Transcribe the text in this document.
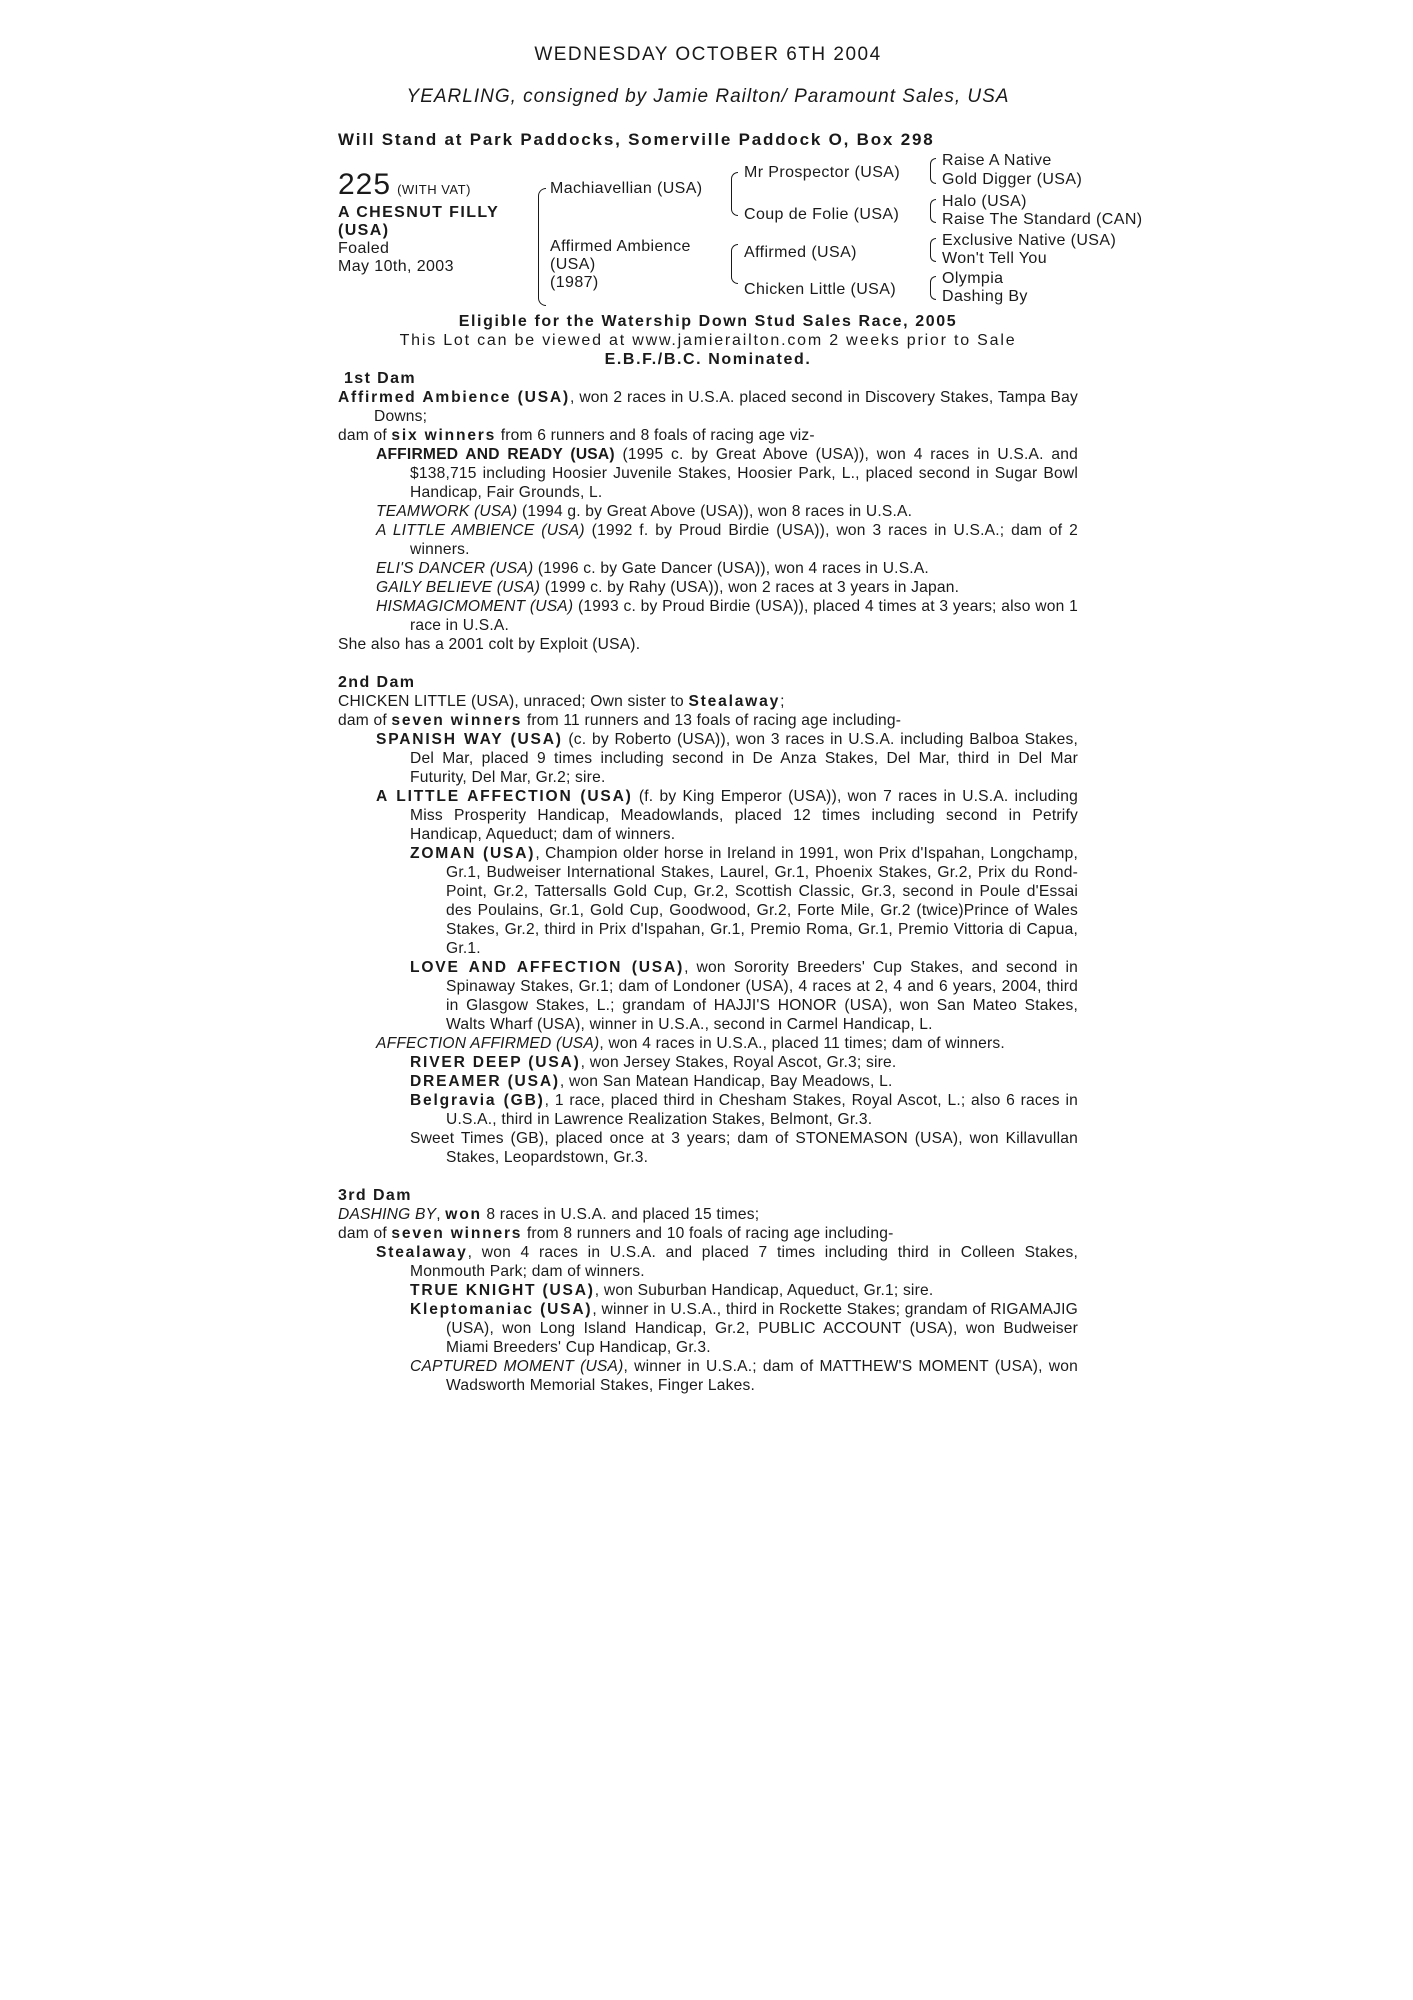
WEDNESDAY OCTOBER 6TH 2004
YEARLING, consigned by Jamie Railton/ Paramount Sales, USA
Will Stand at Park Paddocks, Somerville Paddock O, Box 298
225 (WITH VAT)
A CHESNUT FILLY
(USA)
Foaled
May 10th, 2003
Machiavellian (USA)
Affirmed Ambience
(USA)
(1987)
Mr Prospector (USA)
Coup de Folie (USA)
Affirmed (USA)
Chicken Little (USA)
Raise A Native
Gold Digger (USA)
Halo (USA)
Raise The Standard (CAN)
Exclusive Native (USA)
Won't Tell You
Olympia
Dashing By
Eligible for the Watership Down Stud Sales Race, 2005
This Lot can be viewed at www.jamierailton.com 2 weeks prior to Sale
E.B.F./B.C. Nominated.

1st Dam

Affirmed Ambience (USA), won 2 races in U.S.A. placed second in Discovery Stakes, Tampa Bay Downs;

dam of six winners from 6 runners and 8 foals of racing age viz-

AFFIRMED AND READY (USA) (1995 c. by Great Above (USA)), won 4 races in U.S.A. and $138,715 including Hoosier Juvenile Stakes, Hoosier Park, L., placed second in Sugar Bowl Handicap, Fair Grounds, L.

TEAMWORK (USA) (1994 g. by Great Above (USA)), won 8 races in U.S.A.

A LITTLE AMBIENCE (USA) (1992 f. by Proud Birdie (USA)), won 3 races in U.S.A.; dam of 2 winners.

ELI'S DANCER (USA) (1996 c. by Gate Dancer (USA)), won 4 races in U.S.A.

GAILY BELIEVE (USA) (1999 c. by Rahy (USA)), won 2 races at 3 years in Japan.

HISMAGICMOMENT (USA) (1993 c. by Proud Birdie (USA)), placed 4 times at 3 years; also won 1 race in U.S.A.

She also has a 2001 colt by Exploit (USA).

2nd Dam

CHICKEN LITTLE (USA), unraced; Own sister to Stealaway;

dam of seven winners from 11 runners and 13 foals of racing age including-

SPANISH WAY (USA) (c. by Roberto (USA)), won 3 races in U.S.A. including Balboa Stakes, Del Mar, placed 9 times including second in De Anza Stakes, Del Mar, third in Del Mar Futurity, Del Mar, Gr.2; sire.

A LITTLE AFFECTION (USA) (f. by King Emperor (USA)), won 7 races in U.S.A. including Miss Prosperity Handicap, Meadowlands, placed 12 times including second in Petrify Handicap, Aqueduct; dam of winners.

ZOMAN (USA), Champion older horse in Ireland in 1991, won Prix d'Ispahan, Longchamp, Gr.1, Budweiser International Stakes, Laurel, Gr.1, Phoenix Stakes, Gr.2, Prix du Rond-Point, Gr.2, Tattersalls Gold Cup, Gr.2, Scottish Classic, Gr.3, second in Poule d'Essai des Poulains, Gr.1, Gold Cup, Goodwood, Gr.2, Forte Mile, Gr.2 (twice)Prince of Wales Stakes, Gr.2, third in Prix d'Ispahan, Gr.1, Premio Roma, Gr.1, Premio Vittoria di Capua, Gr.1.

LOVE AND AFFECTION (USA), won Sorority Breeders' Cup Stakes, and second in Spinaway Stakes, Gr.1; dam of Londoner (USA), 4 races at 2, 4 and 6 years, 2004, third in Glasgow Stakes, L.; grandam of HAJJI'S HONOR (USA), won San Mateo Stakes, Walts Wharf (USA), winner in U.S.A., second in Carmel Handicap, L.

AFFECTION AFFIRMED (USA), won 4 races in U.S.A., placed 11 times; dam of winners.

RIVER DEEP (USA), won Jersey Stakes, Royal Ascot, Gr.3; sire.

DREAMER (USA), won San Matean Handicap, Bay Meadows, L.

Belgravia (GB), 1 race, placed third in Chesham Stakes, Royal Ascot, L.; also 6 races in U.S.A., third in Lawrence Realization Stakes, Belmont, Gr.3.

Sweet Times (GB), placed once at 3 years; dam of STONEMASON (USA), won Killavullan Stakes, Leopardstown, Gr.3.

3rd Dam

DASHING BY, won 8 races in U.S.A. and placed 15 times;

dam of seven winners from 8 runners and 10 foals of racing age including-

Stealaway, won 4 races in U.S.A. and placed 7 times including third in Colleen Stakes, Monmouth Park; dam of winners.

TRUE KNIGHT (USA), won Suburban Handicap, Aqueduct, Gr.1; sire.

Kleptomaniac (USA), winner in U.S.A., third in Rockette Stakes; grandam of RIGAMAJIG (USA), won Long Island Handicap, Gr.2, PUBLIC ACCOUNT (USA), won Budweiser Miami Breeders' Cup Handicap, Gr.3.

CAPTURED MOMENT (USA), winner in U.S.A.; dam of MATTHEW'S MOMENT (USA), won Wadsworth Memorial Stakes, Finger Lakes.
